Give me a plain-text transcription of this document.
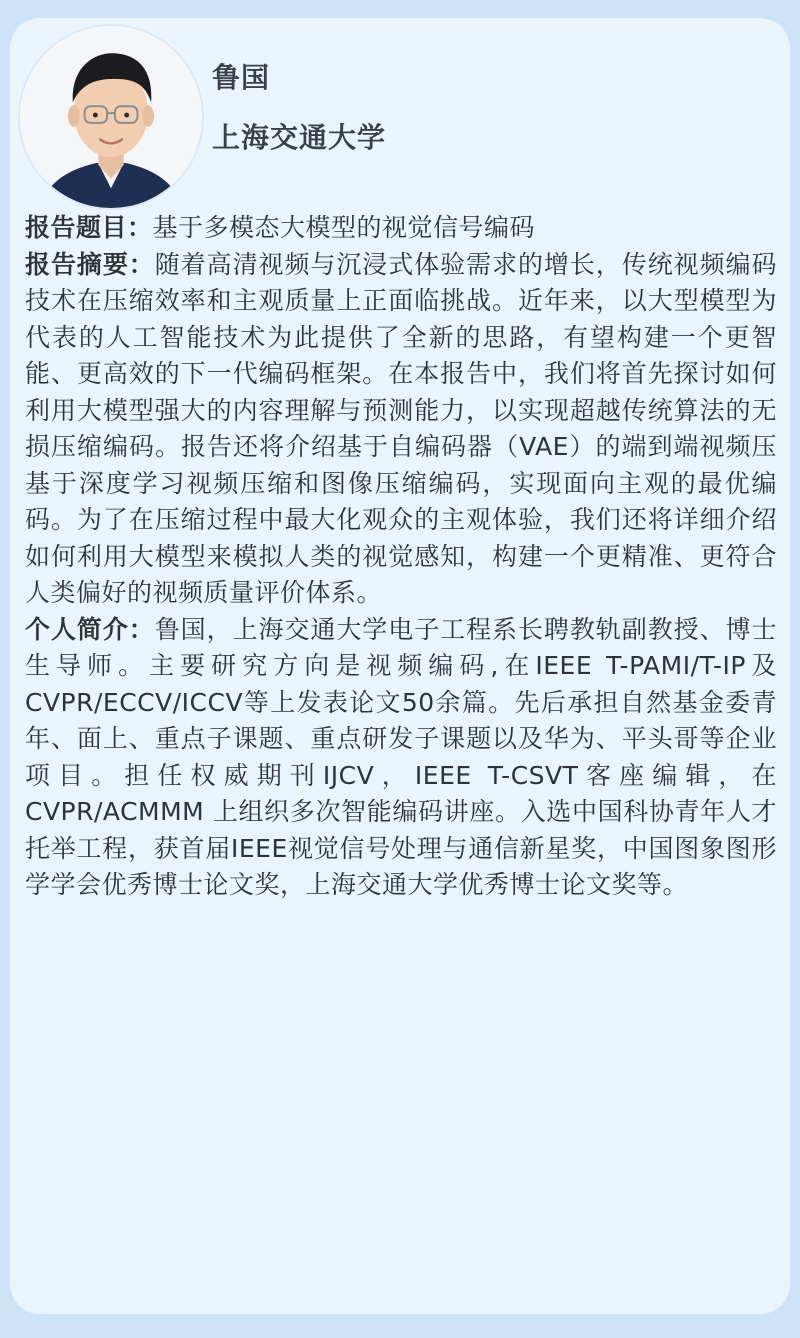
鲁国
上海交通大学

报告题目：基于多模态大模型的视觉信号编码

报告摘要：随着高清视频与沉浸式体验需求的增长，传统视频编码技术在压缩效率和主观质量上正面临挑战。近年来，以大型模型为代表的人工智能技术为此提供了全新的思路，有望构建一个更智能、更高效的下一代编码框架。在本报告中，我们将首先探讨如何利用大模型强大的内容理解与预测能力，以实现超越传统算法的无损压缩编码。报告还将介绍基于自编码器（VAE）的端到端视频压基于深度学习视频压缩和图像压缩编码，实现面向主观的最优编码。为了在压缩过程中最大化观众的主观体验，我们还将详细介绍如何利用大模型来模拟人类的视觉感知，构建一个更精准、更符合人类偏好的视频质量评价体系。

个人简介：鲁国，上海交通大学电子工程系长聘教轨副教授、博士生导师。主要研究方向是视频编码,在IEEE T-PAMI/T-IP及CVPR/ECCV/ICCV等上发表论文50余篇。先后承担自然基金委青年、面上、重点子课题、重点研发子课题以及华为、平头哥等企业项目。担任权威期刊IJCV，IEEE T-CSVT客座编辑，在 CVPR/ACMMM 上组织多次智能编码讲座。入选中国科协青年人才托举工程，获首届IEEE视觉信号处理与通信新星奖，中国图象图形学学会优秀博士论文奖，上海交通大学优秀博士论文奖等。
